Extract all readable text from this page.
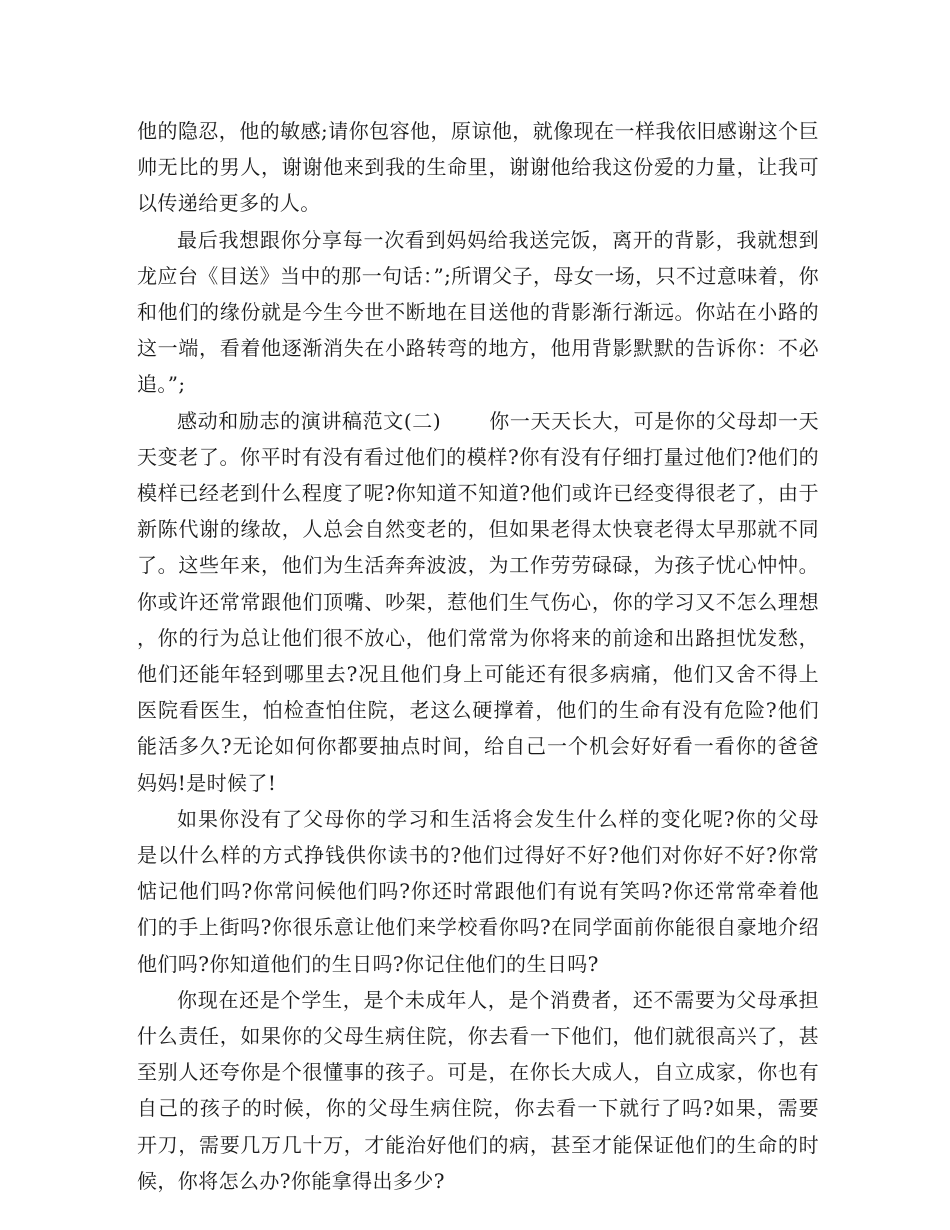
他的隐忍，他的敏感;请你包容他，原谅他，就像现在一样我依旧感谢这个巨帅无比的男人，谢谢他来到我的生命里，谢谢他给我这份爱的力量，让我可以传递给更多的人。

最后我想跟你分享每一次看到妈妈给我送完饭，离开的背影，我就想到龙应台《目送》当中的那一句话：”;所谓父子，母女一场，只不过意味着，你和他们的缘份就是今生今世不断地在目送他的背影渐行渐远。你站在小路的这一端，看着他逐渐消失在小路转弯的地方，他用背影默默的告诉你：不必追。”;

感动和励志的演讲稿范文(二) 你一天天长大，可是你的父母却一天天变老了。你平时有没有看过他们的模样?你有没有仔细打量过他们?他们的模样已经老到什么程度了呢?你知道不知道?他们或许已经变得很老了，由于新陈代谢的缘故，人总会自然变老的，但如果老得太快衰老得太早那就不同了。这些年来，他们为生活奔奔波波，为工作劳劳碌碌，为孩子忧心忡忡。你或许还常常跟他们顶嘴、吵架，惹他们生气伤心，你的学习又不怎么理想，你的行为总让他们很不放心，他们常常为你将来的前途和出路担忧发愁，他们还能年轻到哪里去?况且他们身上可能还有很多病痛，他们又舍不得上医院看医生，怕检查怕住院，老这么硬撑着，他们的生命有没有危险?他们能活多久?无论如何你都要抽点时间，给自己一个机会好好看一看你的爸爸妈妈!是时候了!

如果你没有了父母你的学习和生活将会发生什么样的变化呢?你的父母是以什么样的方式挣钱供你读书的?他们过得好不好?他们对你好不好?你常惦记他们吗?你常问候他们吗?你还时常跟他们有说有笑吗?你还常常牵着他们的手上街吗?你很乐意让他们来学校看你吗?在同学面前你能很自豪地介绍他们吗?你知道他们的生日吗?你记住他们的生日吗?

你现在还是个学生，是个未成年人，是个消费者，还不需要为父母承担什么责任，如果你的父母生病住院，你去看一下他们，他们就很高兴了，甚至别人还夸你是个很懂事的孩子。可是，在你长大成人，自立成家，你也有自己的孩子的时候，你的父母生病住院，你去看一下就行了吗?如果，需要开刀，需要几万几十万，才能治好他们的病，甚至才能保证他们的生命的时候，你将怎么办?你能拿得出多少?
